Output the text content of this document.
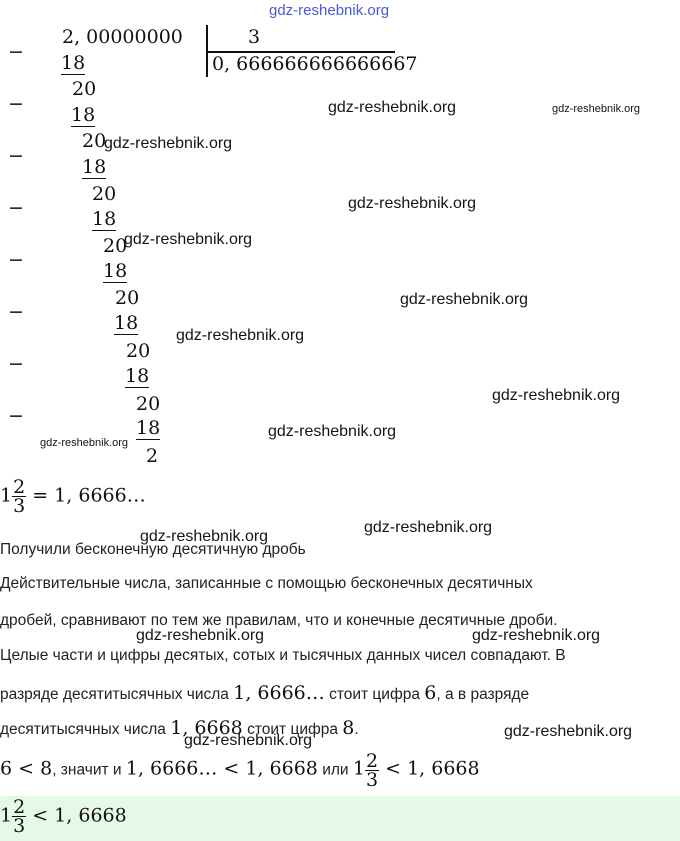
gdz-reshebnik.org
2, 00000000	3
0, 666666666666667
−
−
−
−
−
−
−
−
18
18
18
18
18
18
18
18
20
20
20
20
20
20
20
2
gdz-reshebnik.org	gdz-reshebnik.org
gdz-reshebnik.org
gdz-reshebnik.org
gdz-reshebnik.org
gdz-reshebnik.org
gdz-reshebnik.org
gdz-reshebnik.org
gdz-reshebnik.org
gdz-reshebnik.org
$1 \frac{2}{3} = 1$, 6666…
gdz-reshebnik.org
gdz-reshebnik.org
Получили бесконечную десятичную дробь
Действительные числа, записанные с помощью бесконечных десятичных
дробей, сравнивают по тем же правилам, что и конечные десятичные дроби.
gdz-reshebnik.org	gdz-reshebnik.org
Целые части и цифры десятых, сотых и тысячных данных чисел совпадают. В
разряде десятитысячных числа 1, 6666… стоит цифра 6, а в разряде
десятитысячных числа 1, 6668 стоит цифра 8.
gdz-reshebnik.org
gdz-reshebnik.org
6 < 8, значит и 1, 6666… < 1, 6668 или $1 \frac{2}{3} < 1$, 6668
$1 \frac{2}{3} < 1$, 6668
